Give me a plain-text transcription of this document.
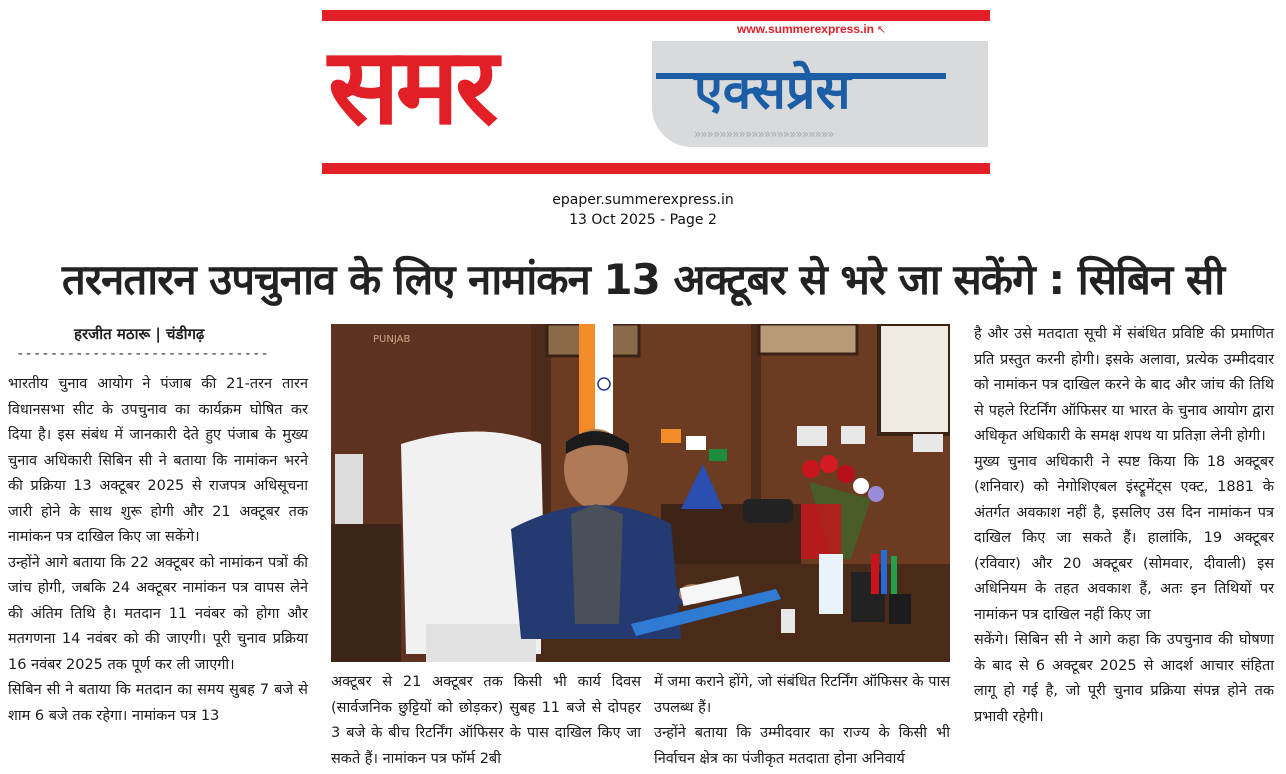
समर	एक्सप्रेस
www.summerexpress.in ↖
»»»»»»»»»»»»»»»»»»»»»»
epaper.summerexpress.in
13 Oct 2025 - Page 2
तरनतारन उपचुनाव के लिए नामांकन 13 अक्टूबर से भरे जा सकेंगे : सिबिन सी
हरजीत मठारू | चंडीगढ़
------------------------------

भारतीय चुनाव आयोग ने पंजाब की 21-तरन तारन विधानसभा सीट के उपचुनाव का कार्यक्रम घोषित कर दिया है। इस संबंध में जानकारी देते हुए पंजाब के मुख्य चुनाव अधिकारी सिबिन सी ने बताया कि नामांकन भरने की प्रक्रिया 13 अक्टूबर 2025 से राजपत्र अधिसूचना जारी होने के साथ शुरू होगी और 21 अक्टूबर तक नामांकन पत्र दाखिल किए जा सकेंगे।

उन्होंने आगे बताया कि 22 अक्टूबर को नामांकन पत्रों की जांच होगी, जबकि 24 अक्टूबर नामांकन पत्र वापस लेने की अंतिम तिथि है। मतदान 11 नवंबर को होगा और मतगणना 14 नवंबर को की जाएगी। पूरी चुनाव प्रक्रिया 16 नवंबर 2025 तक पूर्ण कर ली जाएगी।

सिबिन सी ने बताया कि मतदान का समय सुबह 7 बजे से शाम 6 बजे तक रहेगा। नामांकन पत्र 13

PUNJAB

अक्टूबर से 21 अक्टूबर तक किसी भी कार्य दिवस (सार्वजनिक छुट्टियों को छोड़कर) सुबह 11 बजे से दोपहर 3 बजे के बीच रिटर्निंग ऑफिसर के पास दाखिल किए जा सकते हैं। नामांकन पत्र फॉर्म 2बी

में जमा कराने होंगे, जो संबंधित रिटर्निंग ऑफिसर के पास उपलब्ध हैं।

उन्होंने बताया कि उम्मीदवार का राज्य के किसी भी निर्वाचन क्षेत्र का पंजीकृत मतदाता होना अनिवार्य

है और उसे मतदाता सूची में संबंधित प्रविष्टि की प्रमाणित प्रति प्रस्तुत करनी होगी। इसके अलावा, प्रत्येक उम्मीदवार को नामांकन पत्र दाखिल करने के बाद और जांच की तिथि से पहले रिटर्निंग ऑफिसर या भारत के चुनाव आयोग द्वारा अधिकृत अधिकारी के समक्ष शपथ या प्रतिज्ञा लेनी होगी।

मुख्य चुनाव अधिकारी ने स्पष्ट किया कि 18 अक्टूबर (शनिवार) को नेगोशिएबल इंस्ट्रूमेंट्स एक्ट, 1881 के अंतर्गत अवकाश नहीं है, इसलिए उस दिन नामांकन पत्र दाखिल किए जा सकते हैं। हालांकि, 19 अक्टूबर (रविवार) और 20 अक्टूबर (सोमवार, दीवाली) इस अधिनियम के तहत अवकाश हैं, अतः इन तिथियों पर नामांकन पत्र दाखिल नहीं किए जा

सकेंगे। सिबिन सी ने आगे कहा कि उपचुनाव की घोषणा के बाद से 6 अक्टूबर 2025 से आदर्श आचार संहिता लागू हो गई है, जो पूरी चुनाव प्रक्रिया संपन्न होने तक प्रभावी रहेगी।
